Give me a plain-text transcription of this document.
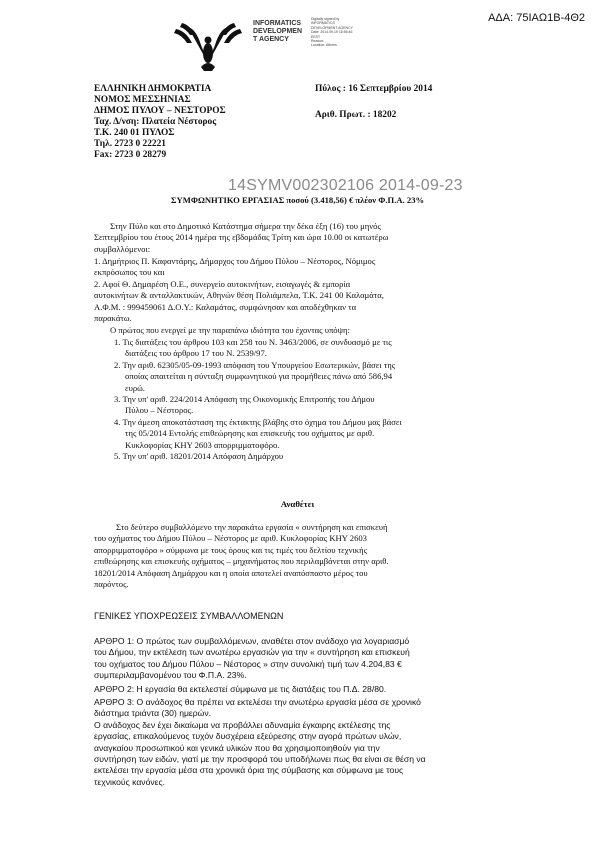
ΑΔΑ: 75ΙΑΩ1Β-4Θ2
INFORMATICS
DEVELOPMEN
T AGENCY
Digitally signed by
INFORMATICS
DEVELOPMENT AGENCY
Date: 2014.09.19 18:55:46
EEST
Reason:
Location: Athens
ΕΛΛΗΝΙΚΗ ΔΗΜΟΚΡΑΤΙΑ
ΝΟΜΟΣ ΜΕΣΣΗΝΙΑΣ
ΔΗΜΟΣ ΠΥΛΟΥ – ΝΕΣΤΟΡΟΣ
Ταχ. Δ/νση: Πλατεία Νέστορος
Τ.Κ. 240 01 ΠΥΛΟΣ
Τηλ. 2723 0 22221
Fax: 2723 0 28279
Πύλος : 16 Σεπτεμβρίου 2014
Αριθ. Πρωτ. : 18202
14SYMV002302106 2014-09-23
ΣΥΜΦΩΝΗΤΙΚΟ ΕΡΓΑΣΙΑΣ ποσού (3.418,56) € πλέον Φ.Π.Α. 23%
Στην Πύλο και στο Δημοτικό Κατάστημα σήμερα την δέκα έξη (16) του μηνός
Σεπτεμβρίου του έτους 2014 ημέρα της εβδομάδας Τρίτη και ώρα 10.00 οι κατωτέρω
συμβαλλόμενοι:
1. Δημήτριος Π. Καφαντάρης, Δήμαρχος του Δήμου Πύλου – Νέστορος, Νόμιμος
εκπρόσωπος του και
2. Αφοί Θ. Δημαρέση Ο.Ε., συνεργείο αυτοκινήτων, εισαγωγές & εμπορία
αυτοκινήτων & ανταλλακτικών, Αθηνών θέση Πολιάμπελα, Τ.Κ. 241 00 Καλαμάτα,
Α.Φ.Μ. : 999459061 Δ.Ο.Υ.: Καλαμάτας, συμφώνησαν και αποδέχθηκαν τα
παρακάτω.
Ο πρώτος που ενεργεί με την παραπάνω ιδιότητα του έχοντας υπόψη:
1. Τις διατάξεις του άρθρου 103 και 258 του Ν. 3463/2006, σε συνδυασμό με τις
διατάξεις του άρθρου 17 του Ν. 2539/97.
2. Την αριθ. 62305/05-09-1993 απόφαση του Υπουργείου Εσωτερικών, βάσει της
οποίας απαιτείται η σύνταξη συμφωνητικού για προμήθειες πάνω από 586,94
ευρώ.
3. Την υπ' αριθ. 224/2014 Απόφαση της Οικονομικής Επιτροπής του Δήμου
Πύλου – Νέστορος.
4. Την άμεση αποκατάσταση της έκτακτης βλάβης στο όχημα του Δήμου μας βάσει
της 05/2014 Εντολής επιθεώρησης και επισκευής του οχήματος με αριθ.
Κυκλοφορίας ΚΗΥ 2603 απορριμματοφόρο.
5. Την υπ' αριθ. 18201/2014 Απόφαση Δημάρχου
Αναθέτει
Στο δεύτερο συμβαλλόμενο την παρακάτω εργασία « συντήρηση και επισκευή
του οχήματος του Δήμου Πύλου – Νέστορος με αριθ. Κυκλοφορίας ΚΗΥ 2603
απορριμματοφόρο » σύμφωνα με τους όρους και τις τιμές του δελτίου τεχνικής
επιθεώρησης και επισκευής οχήματος – μηχανήματος που περιλαμβάνεται στην αριθ.
18201/2014 Απόφαση Δημάρχου και η οποία αποτελεί αναπόσπαστο μέρος του
παρόντος.
ΓΕΝΙΚΕΣ ΥΠΟΧΡΕΩΣΕΙΣ ΣΥΜΒΑΛΛΟΜΕΝΩΝ
ΑΡΘΡΟ 1: Ο πρώτος των συμβαλλόμενων, αναθέτει στον ανάδοχο για λογαριασμό
του Δήμου, την εκτέλεση των ανωτέρω εργασιών για την « συντήρηση και επισκευή
του οχήματος του Δήμου Πύλου – Νέστορος » στην συνολική τιμή των 4.204,83 €
συμπεριλαμβανομένου του Φ.Π.Α. 23%.
ΑΡΘΡΟ 2: Η εργασία θα εκτελεστεί σύμφωνα με τις διατάξεις του Π.Δ. 28/80.
ΑΡΘΡΟ 3: Ο ανάδοχος θα πρέπει να εκτελέσει την ανωτέρω εργασία μέσα σε χρονικό
διάστημα τριάντα (30) ημερών.
Ο ανάδοχος δεν έχει δικαίωμα να προβάλλει αδυναμία έγκαιρης εκτέλεσης της
εργασίας, επικαλούμενος τυχόν δυσχέρεια εξεύρεσης στην αγορά πρώτων υλών,
αναγκαίου προσωπικού και γενικά υλικών που θα χρησιμοποιηθούν για την
συντήρηση των ειδών, γιατί με την προσφορά του υποδήλωνει πως θα είναι σε θέση να
εκτελέσει την εργασία μέσα στα χρονικά όρια της σύμβασης και σύμφωνα με τους
τεχνικούς κανόνες.
